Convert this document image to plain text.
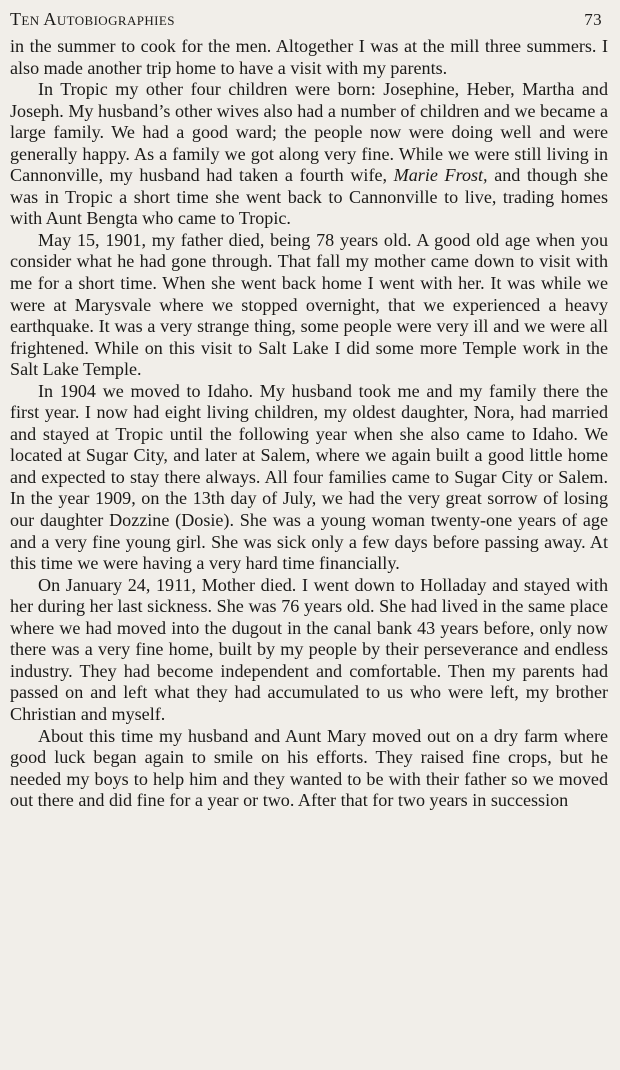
Ten Autobiographies	73

in the summer to cook for the men. Altogether I was at the mill three summers. I also made another trip home to have a visit with my parents.

In Tropic my other four children were born: Josephine, Heber, Martha and Joseph. My husband’s other wives also had a number of children and we became a large family. We had a good ward; the people now were doing well and were generally happy. As a family we got along very fine. While we were still living in Cannonville, my husband had taken a fourth wife, Marie Frost, and though she was in Tropic a short time she went back to Cannonville to live, trading homes with Aunt Bengta who came to Tropic.

May 15, 1901, my father died, being 78 years old. A good old age when you consider what he had gone through. That fall my mother came down to visit with me for a short time. When she went back home I went with her. It was while we were at Marysvale where we stopped overnight, that we experienced a heavy earthquake. It was a very strange thing, some people were very ill and we were all frightened. While on this visit to Salt Lake I did some more Temple work in the Salt Lake Temple.

In 1904 we moved to Idaho. My husband took me and my family there the first year. I now had eight living children, my oldest daughter, Nora, had married and stayed at Tropic until the following year when she also came to Idaho. We located at Sugar City, and later at Salem, where we again built a good little home and expected to stay there always. All four families came to Sugar City or Salem. In the year 1909, on the 13th day of July, we had the very great sorrow of losing our daughter Dozzine (Dosie). She was a young woman twenty-one years of age and a very fine young girl. She was sick only a few days before passing away. At this time we were having a very hard time financially.

On January 24, 1911, Mother died. I went down to Holladay and stayed with her during her last sickness. She was 76 years old. She had lived in the same place where we had moved into the dugout in the canal bank 43 years before, only now there was a very fine home, built by my people by their perseverance and endless industry. They had become independent and comfortable. Then my parents had passed on and left what they had accumulated to us who were left, my brother Christian and myself.

About this time my husband and Aunt Mary moved out on a dry farm where good luck began again to smile on his efforts. They raised fine crops, but he needed my boys to help him and they wanted to be with their father so we moved out there and did fine for a year or two. After that for two years in succession
